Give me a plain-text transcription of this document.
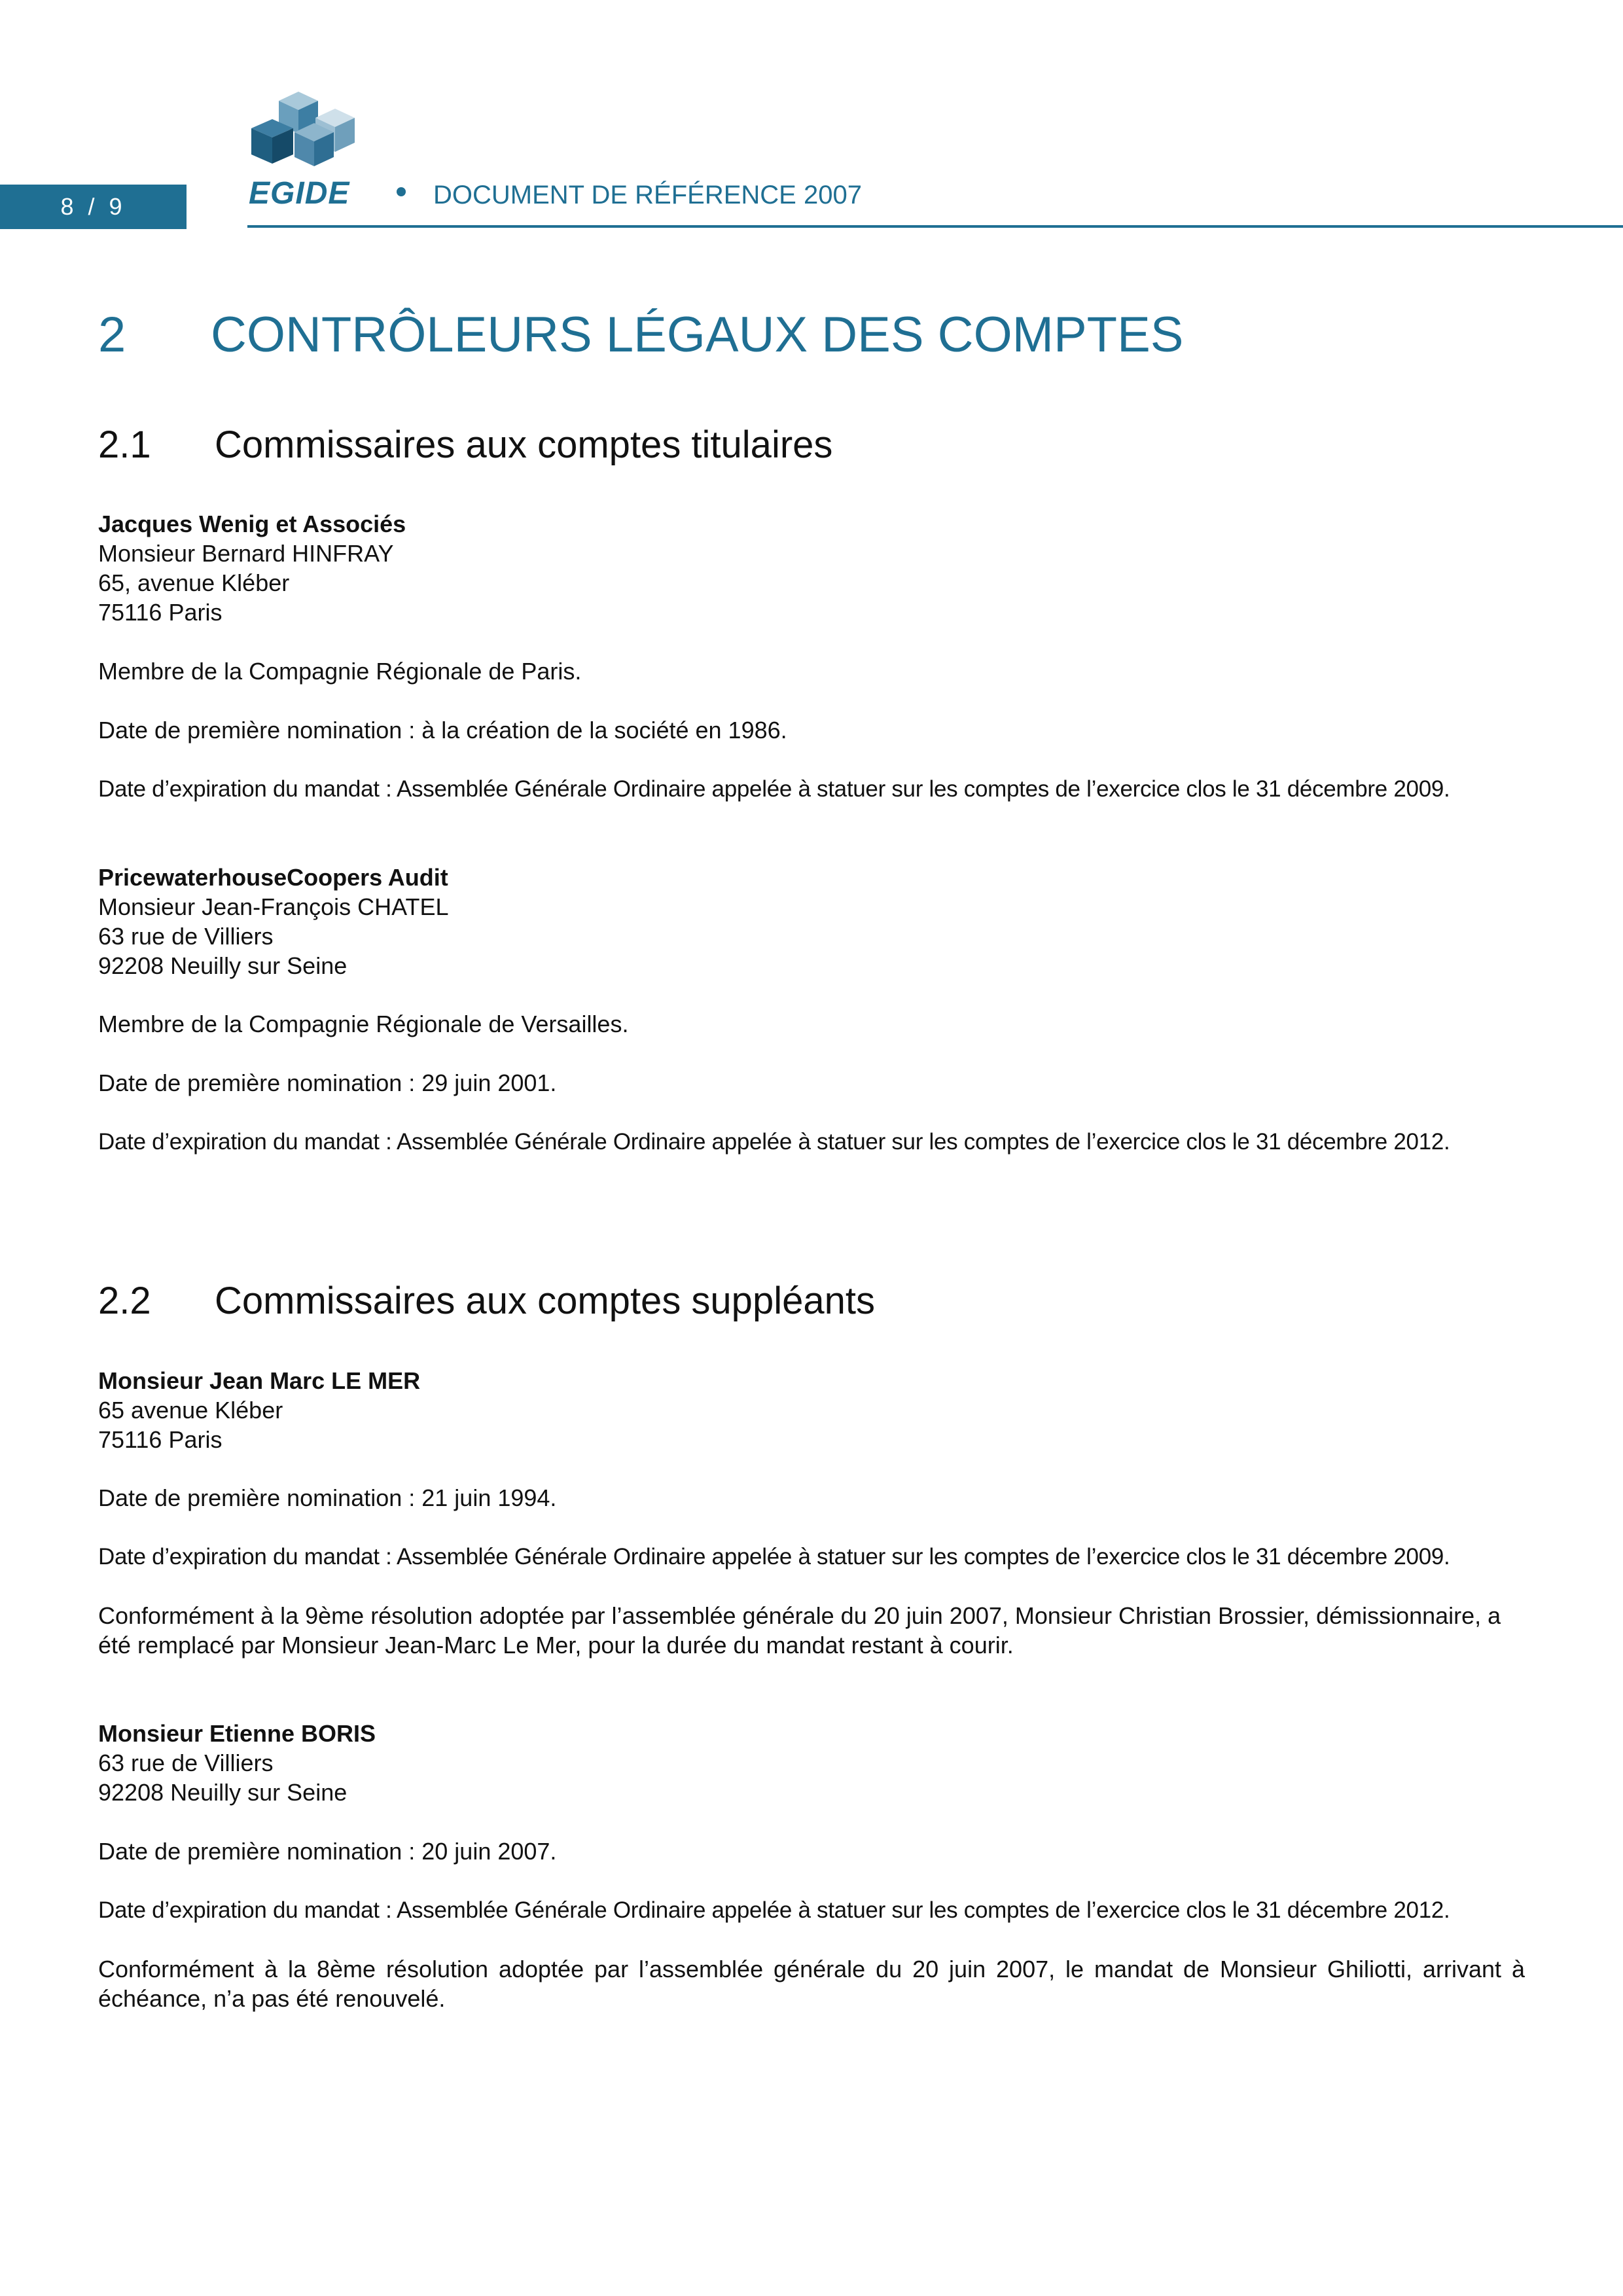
8 / 9	EGIDE	DOCUMENT DE RÉFÉRENCE 2007
2 CONTRÔLEURS LÉGAUX DES COMPTES
2.1 Commissaires aux comptes titulaires

Jacques Wenig et Associés

Monsieur Bernard HINFRAY

65, avenue Kléber

75116 Paris

Membre de la Compagnie Régionale de Paris.
Date de première nomination : à la création de la société en 1986.
Date d’expiration du mandat : Assemblée Générale Ordinaire appelée à statuer sur les comptes de l’exercice clos le 31 décembre 2009.

PricewaterhouseCoopers Audit

Monsieur Jean-François CHATEL

63 rue de Villiers

92208 Neuilly sur Seine

Membre de la Compagnie Régionale de Versailles.
Date de première nomination : 29 juin 2001.
Date d’expiration du mandat : Assemblée Générale Ordinaire appelée à statuer sur les comptes de l’exercice clos le 31 décembre 2012.
2.2 Commissaires aux comptes suppléants

Monsieur Jean Marc LE MER

65 avenue Kléber

75116 Paris

Date de première nomination : 21 juin 1994.
Date d’expiration du mandat : Assemblée Générale Ordinaire appelée à statuer sur les comptes de l’exercice clos le 31 décembre 2009.
Conformément à la 9ème résolution adoptée par l’assemblée générale du 20 juin 2007, Monsieur Christian Brossier, démissionnaire, a été remplacé par Monsieur Jean-Marc Le Mer, pour la durée du mandat restant à courir.

Monsieur Etienne BORIS

63 rue de Villiers

92208 Neuilly sur Seine

Date de première nomination : 20 juin 2007.
Date d’expiration du mandat : Assemblée Générale Ordinaire appelée à statuer sur les comptes de l’exercice clos le 31 décembre 2012.
Conformément à la 8ème résolution adoptée par l’assemblée générale du 20 juin 2007, le mandat de Monsieur Ghiliotti, arrivant à échéance, n’a pas été renouvelé.
